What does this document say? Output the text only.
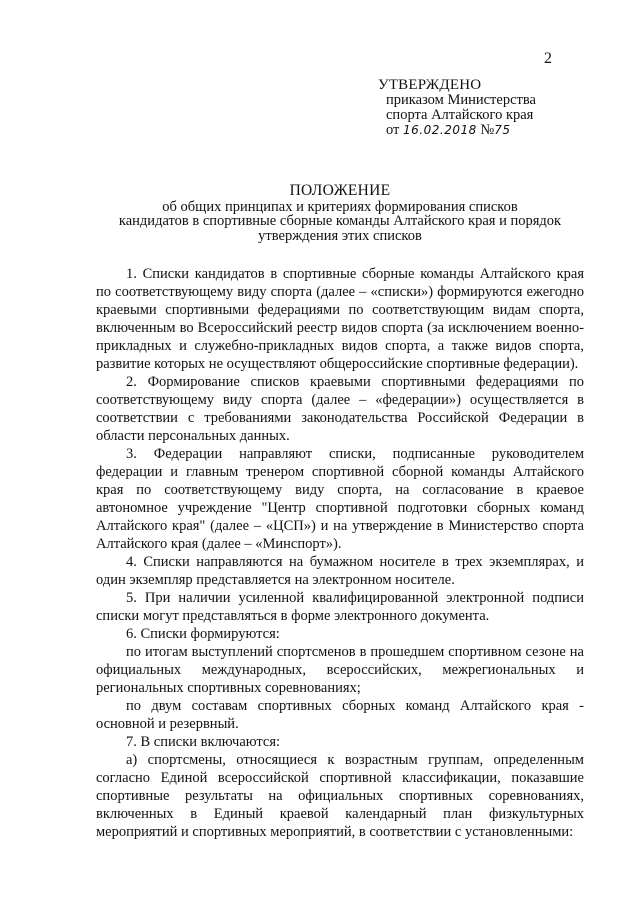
2
УТВЕРЖДЕНО
приказом Министерства
спорта Алтайского края
от 16.02.2018 №75
ПОЛОЖЕНИЕ
об общих принципах и критериях формирования списков
кандидатов в спортивные сборные команды Алтайского края и порядок
утверждения этих списков

1. Списки кандидатов в спортивные сборные команды Алтайского края по соответствующему виду спорта (далее – «списки») формируются ежегодно краевыми спортивными федерациями по соответствующим видам спорта, включенным во Всероссийский реестр видов спорта (за исключением военно-прикладных и служебно-прикладных видов спорта, а также видов спорта, развитие которых не осуществляют общероссийские спортивные федерации).

2. Формирование списков краевыми спортивными федерациями по соответствующему виду спорта (далее – «федерации») осуществляется в соответствии с требованиями законодательства Российской Федерации в области персональных данных.

3. Федерации направляют списки, подписанные руководителем федерации и главным тренером спортивной сборной команды Алтайского края по соответствующему виду спорта, на согласование в краевое автономное учреждение "Центр спортивной подготовки сборных команд Алтайского края" (далее – «ЦСП») и на утверждение в Министерство спорта Алтайского края (далее – «Минспорт»).

4. Списки направляются на бумажном носителе в трех экземплярах, и один экземпляр представляется на электронном носителе.

5. При наличии усиленной квалифицированной электронной подписи списки могут представляться в форме электронного документа.

6. Списки формируются:

по итогам выступлений спортсменов в прошедшем спортивном сезоне на официальных международных, всероссийских, межрегиональных и региональных спортивных соревнованиях;

по двум составам спортивных сборных команд Алтайского края - основной и резервный.

7. В списки включаются:

а) спортсмены, относящиеся к возрастным группам, определенным согласно Единой всероссийской спортивной классификации, показавшие спортивные результаты на официальных спортивных соревнованиях, включенных в Единый краевой календарный план физкультурных мероприятий и спортивных мероприятий, в соответствии с установленными:
